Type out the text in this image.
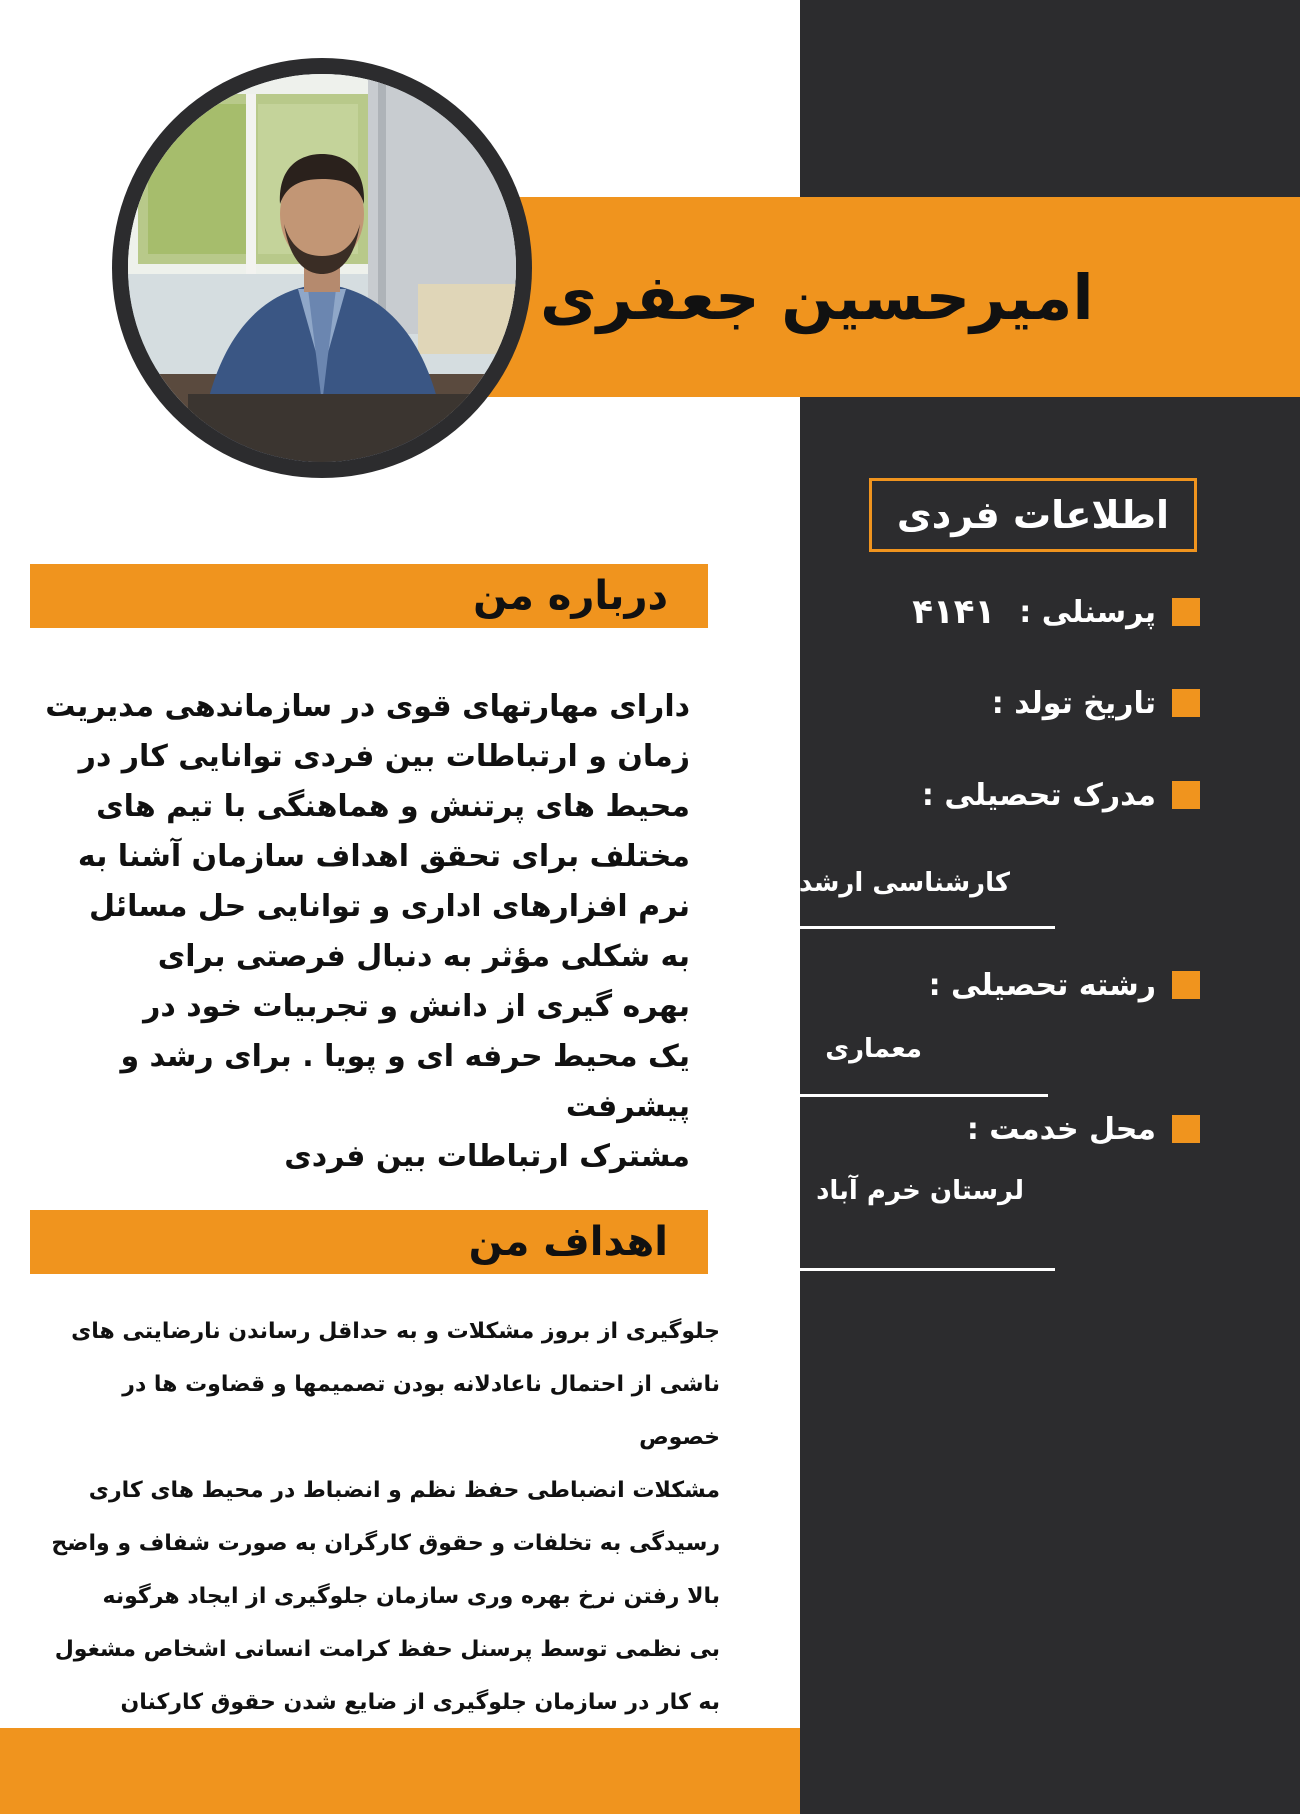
امیرحسین جعفری
درباره من
دارای مهارتهای قوی در سازماندهی مدیریت
زمان و ارتباطات بین فردی توانایی کار در
محیط های پرتنش و هماهنگی با تیم های
مختلف برای تحقق اهداف سازمان آشنا به
نرم افزارهای اداری و توانایی حل مسائل
به شکلی مؤثر به دنبال فرصتی برای
بهره گیری از دانش و تجربیات خود در
یک محیط حرفه ای و پویا . برای رشد و پیشرفت
مشترک ارتباطات بین فردی
اهداف من
جلوگیری از بروز مشکلات و به حداقل رساندن نارضایتی های
ناشی از احتمال ناعادلانه بودن تصمیمها و قضاوت ها در خصوص
مشکلات انضباطی حفظ نظم و انضباط در محیط های کاری
رسیدگی به تخلفات و حقوق کارگران به صورت شفاف و واضح
بالا رفتن نرخ بهره وری سازمان جلوگیری از ایجاد هرگونه
بی نظمی توسط پرسنل حفظ کرامت انسانی اشخاص مشغول
به کار در سازمان جلوگیری از ضایع شدن حقوق کارکنان
اطلاعات فردی
پرسنلی :
۴۱۴۱
تاریخ تولد :
مدرک تحصیلی :
کارشناسی ارشد
رشته تحصیلی :
معماری
محل خدمت :
لرستان خرم آباد
